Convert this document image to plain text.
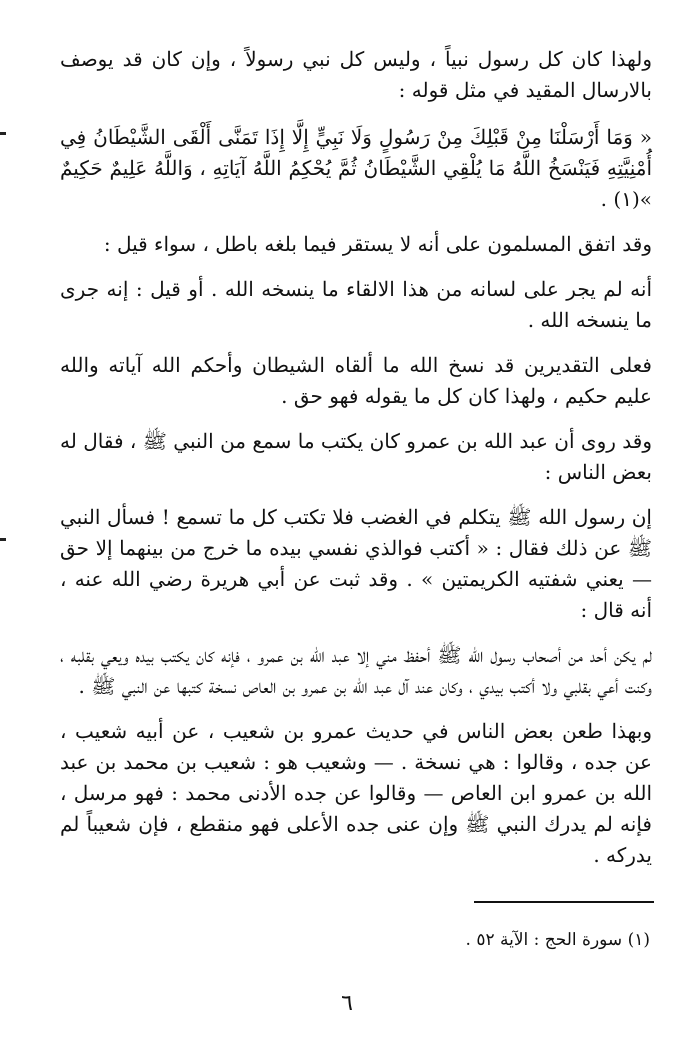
ولهذا كان كل رسول نبياً ، وليس كل نبي رسولاً ، وإن كان قد يوصف بالارسال المقيد في مثل قوله :

« وَمَا أَرْسَلْنَا مِنْ قَبْلِكَ مِنْ رَسُولٍ وَلَا نَبِيٍّ إِلَّا إِذَا تَمَنَّى أَلْقَى الشَّيْطَانُ فِي أُمْنِيَّتِهِ فَيَنْسَخُ اللَّهُ مَا يُلْقِي الشَّيْطَانُ ثُمَّ يُحْكِمُ اللَّهُ آيَاتِهِ ، وَاللَّهُ عَلِيمٌ حَكِيمٌ »(١) .

وقد اتفق المسلمون على أنه لا يستقر فيما بلغه باطل ، سواء قيل :

أنه لم يجر على لسانه من هذا الالقاء ما ينسخه الله . أو قيل : إنه جرى ما ينسخه الله .

فعلى التقديرين قد نسخ الله ما ألقاه الشيطان وأحكم الله آياته والله عليم حكيم ، ولهذا كان كل ما يقوله فهو حق .

وقد روى أن عبد الله بن عمرو كان يكتب ما سمع من النبي ﷺ ، فقال له بعض الناس :

إن رسول الله ﷺ يتكلم في الغضب فلا تكتب كل ما تسمع ! فسأل النبي ﷺ عن ذلك فقال : « أكتب فوالذي نفسي بيده ما خرج من بينهما إلا حق — يعني شفتيه الكريمتين » . وقد ثبت عن أبي هريرة رضي الله عنه ، أنه قال :

لم يكن أحد من أصحاب رسول الله ﷺ أحفظ مني إلا عبد الله بن عمرو ، فإنه كان يكتب بيده ويعي بقلبه ، وكنت أعي بقلبي ولا أكتب بيدي ، وكان عند آل عبد الله بن عمرو بن العاص نسخة كتبها عن النبي ﷺ .

وبهذا طعن بعض الناس في حديث عمرو بن شعيب ، عن أبيه شعيب ، عن جده ، وقالوا : هي نسخة . — وشعيب هو : شعيب بن محمد بن عبد الله بن عمرو ابن العاص — وقالوا عن جده الأدنى محمد : فهو مرسل ، فإنه لم يدرك النبي ﷺ وإن عنى جده الأعلى فهو منقطع ، فإن شعيباً لم يدركه .

(١) سورة الحج : الآية ٥٢ .
٦
